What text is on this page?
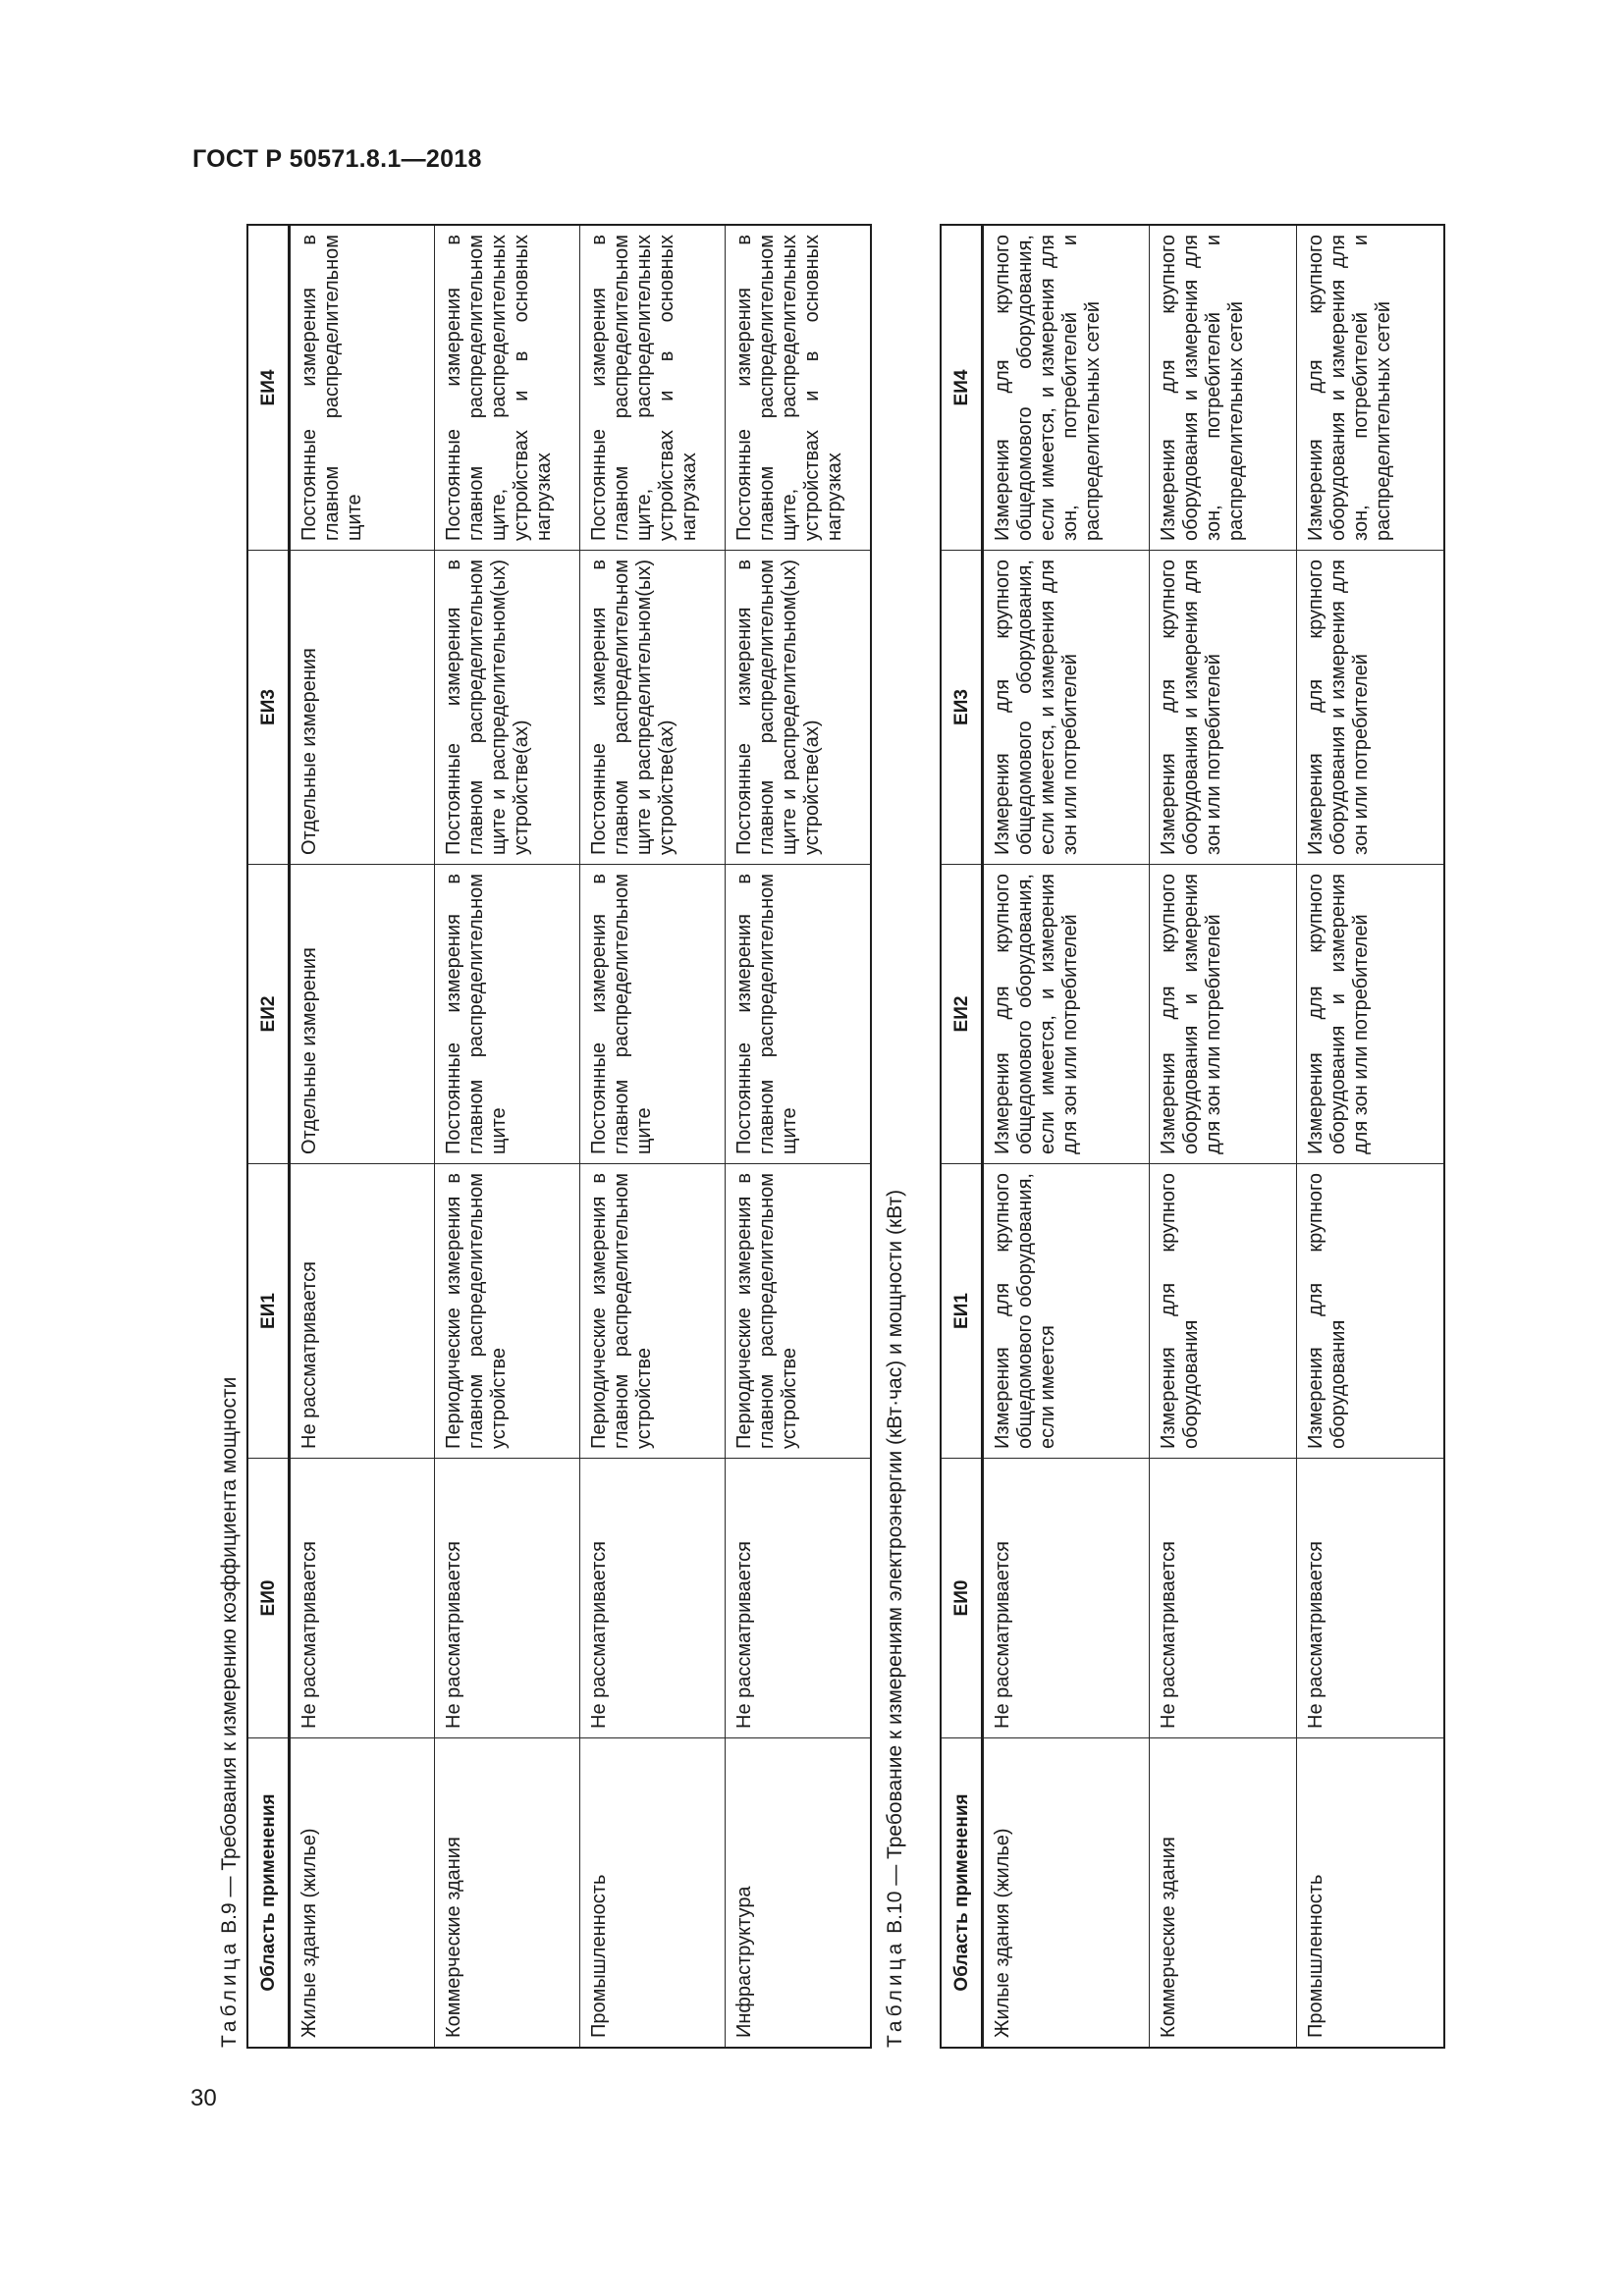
ГОСТ Р 50571.8.1—2018
30
Таблица В.9 — Требования к измерению коэффициента мощности Область применения	ЕИ0	ЕИ1	ЕИ2	ЕИ3	ЕИ4
Жилые здания (жилье)	Не рассматривается	Не рассматривается	Отдельные измерения	Отдельные измерения	Постоянные измерения в главном распределительном щите
Коммерческие здания	Не рассматривается	Периодические измерения в главном распределительном устройстве	Постоянные измерения в главном распределительном щите	Постоянные измерения в главном распределительном щите и распределительном(ых) устройстве(ах)	Постоянные измерения в главном распределительном щите, распределительных устройствах и в основных нагрузках
Промышленность	Не рассматривается	Периодические измерения в главном распределительном устройстве	Постоянные измерения в главном распределительном щите	Постоянные измерения в главном распределительном щите и распределительном(ых) устройстве(ах)	Постоянные измерения в главном распределительном щите, распределительных устройствах и в основных нагрузках
Инфраструктура	Не рассматривается	Периодические измерения в главном распределительном устройстве	Постоянные измерения в главном распределительном щите	Постоянные измерения в главном распределительном щите и распределительном(ых) устройстве(ах)	Постоянные измерения в главном распределительном щите, распределительных устройствах и в основных нагрузках
Таблица В.10 — Требование к измерениям электроэнергии (кВт·час) и мощности (кВт) Область применения	ЕИ0	ЕИ1	ЕИ2	ЕИ3	ЕИ4
Жилые здания (жилье)	Не рассматривается	Измерения для крупного общедомового оборудования, если имеется	Измерения для крупного общедомового оборудования, если имеется, и измерения для зон или потребителей	Измерения для крупного общедомового оборудования, если имеется, и измерения для зон или потребителей	Измерения для крупного общедомового оборудования, если имеется, и измерения для зон, потребителей и распределительных сетей
Коммерческие здания	Не рассматривается	Измерения для крупного оборудования	Измерения для крупного оборудования и измерения для зон или потребителей	Измерения для крупного оборудования и измерения для зон или потребителей	Измерения для крупного оборудования и измерения для зон, потребителей и распределительных сетей
Промышленность	Не рассматривается	Измерения для крупного оборудования	Измерения для крупного оборудования и измерения для зон или потребителей	Измерения для крупного оборудования и измерения для зон или потребителей	Измерения для крупного оборудования и измерения для зон, потребителей и распределительных сетей
